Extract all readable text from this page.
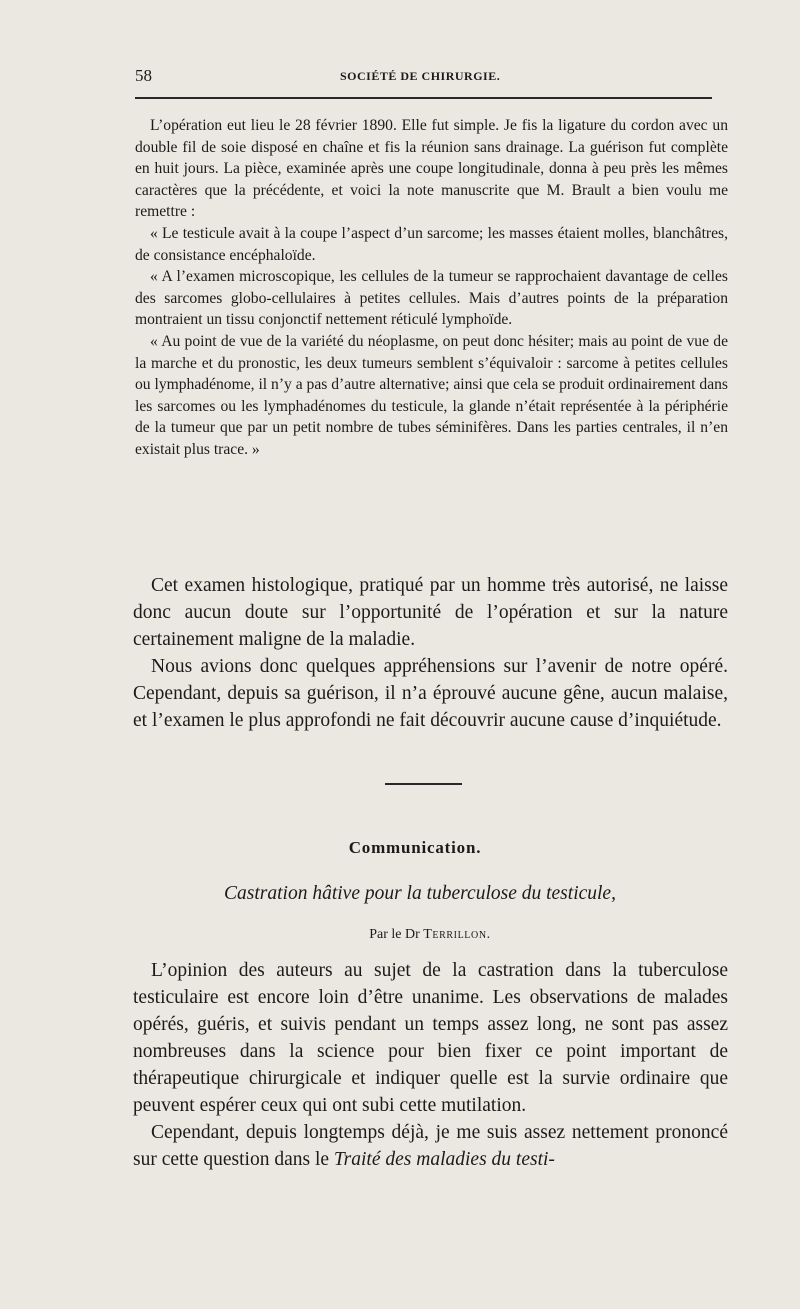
58	SOCIÉTÉ DE CHIRURGIE.

L’opération eut lieu le 28 février 1890. Elle fut simple. Je fis la ligature du cordon avec un double fil de soie disposé en chaîne et fis la réunion sans drainage. La guérison fut complète en huit jours. La pièce, examinée après une coupe longitudinale, donna à peu près les mêmes caractères que la précédente, et voici la note manuscrite que M. Brault a bien voulu me remettre :

« Le testicule avait à la coupe l’aspect d’un sarcome; les masses étaient molles, blanchâtres, de consistance encéphaloïde.

« A l’examen microscopique, les cellules de la tumeur se rapprochaient davantage de celles des sarcomes globo-cellulaires à petites cellules. Mais d’autres points de la préparation montraient un tissu conjonctif nettement réticulé lymphoïde.

« Au point de vue de la variété du néoplasme, on peut donc hésiter; mais au point de vue de la marche et du pronostic, les deux tumeurs semblent s’équivaloir : sarcome à petites cellules ou lymphadénome, il n’y a pas d’autre alternative; ainsi que cela se produit ordinairement dans les sarcomes ou les lymphadénomes du testicule, la glande n’était représentée à la périphérie de la tumeur que par un petit nombre de tubes séminifères. Dans les parties centrales, il n’en existait plus trace. »

Cet examen histologique, pratiqué par un homme très autorisé, ne laisse donc aucun doute sur l’opportunité de l’opération et sur la nature certainement maligne de la maladie.

Nous avions donc quelques appréhensions sur l’avenir de notre opéré. Cependant, depuis sa guérison, il n’a éprouvé aucune gêne, aucun malaise, et l’examen le plus approfondi ne fait découvrir aucune cause d’inquiétude.

Communication.
Castration hâtive pour la tuberculose du testicule,
Par le Dr Terrillon.

L’opinion des auteurs au sujet de la castration dans la tuberculose testiculaire est encore loin d’être unanime. Les observations de malades opérés, guéris, et suivis pendant un temps assez long, ne sont pas assez nombreuses dans la science pour bien fixer ce point important de thérapeutique chirurgicale et indiquer quelle est la survie ordinaire que peuvent espérer ceux qui ont subi cette mutilation.

Cependant, depuis longtemps déjà, je me suis assez nettement prononcé sur cette question dans le Traité des maladies du testi-
